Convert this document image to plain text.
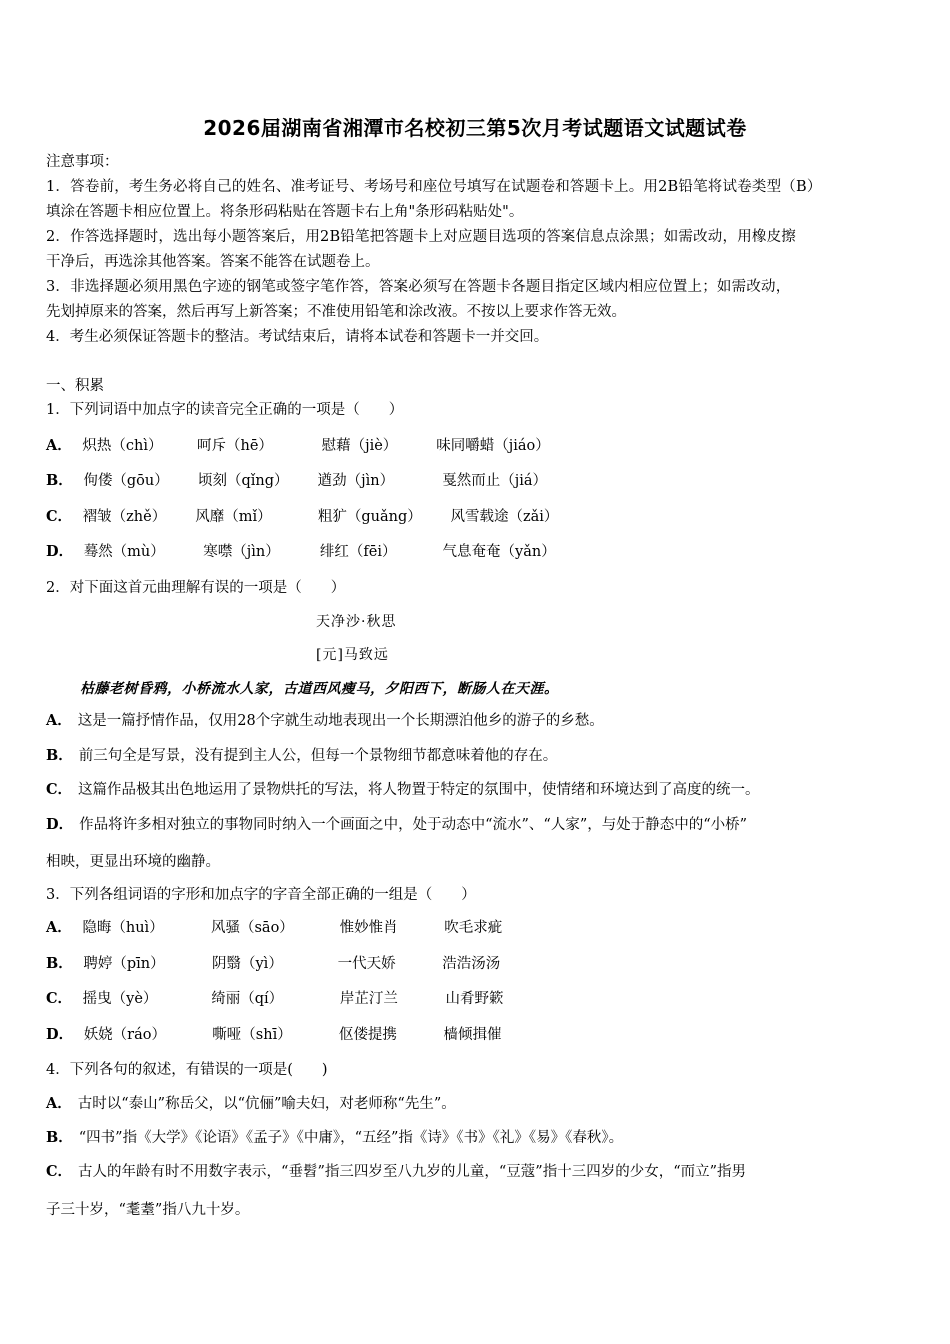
2026届湖南省湘潭市名校初三第5次月考试题语文试题试卷
注意事项：
1．答卷前，考生务必将自己的姓名、准考证号、考场号和座位号填写在试题卷和答题卡上。用2B铅笔将试卷类型（B）
填涂在答题卡相应位置上。将条形码粘贴在答题卡右上角"条形码粘贴处"。
2．作答选择题时，选出每小题答案后，用2B铅笔把答题卡上对应题目选项的答案信息点涂黑；如需改动，用橡皮擦
干净后，再选涂其他答案。答案不能答在试题卷上。
3．非选择题必须用黑色字迹的钢笔或签字笔作答，答案必须写在答题卡各题目指定区域内相应位置上；如需改动，
先划掉原来的答案，然后再写上新答案；不准使用铅笔和涂改液。不按以上要求作答无效。
4．考生必须保证答题卡的整洁。考试结束后，请将本试卷和答题卡一并交回。
一、积累
1．下列词语中加点字的读音完全正确的一项是（　　）
A． 炽热（chì） 呵斥（hē）	慰藉（jiè）	味同嚼蜡（jiáo）
B． 佝偻（gōu） 顷刻（qǐng） 遒劲（jìn）	戛然而止（jiá）
C． 褶皱（zhě） 风靡（mǐ）	粗犷（guǎng） 风雪载途（zǎi）
D． 蓦然（mù）	寒噤（jìn）	绯红（fēi）	气息奄奄（yǎn）
2．对下面这首元曲理解有误的一项是（　　）
天净沙·秋思
[元]马致远
枯藤老树昏鸦，小桥流水人家，古道西风瘦马，夕阳西下，断肠人在天涯。
A． 这是一篇抒情作品，仅用28个字就生动地表现出一个长期漂泊他乡的游子的乡愁。
B． 前三句全是写景，没有提到主人公，但每一个景物细节都意味着他的存在。
C． 这篇作品极其出色地运用了景物烘托的写法，将人物置于特定的氛围中，使情绪和环境达到了高度的统一。
D． 作品将许多相对独立的事物同时纳入一个画面之中，处于动态中“流水”、“人家”，与处于静态中的“小桥”
相映，更显出环境的幽静。
3．下列各组词语的字形和加点字的字音全部正确的一组是（　　）
A． 隐晦（huì）	风骚（sāo）	惟妙惟肖	吹毛求疵
B． 聘婷（pīn）	阴翳（yì）	一代天娇	浩浩汤汤
C． 摇曳（yè）	绮丽（qí）	岸芷汀兰	山肴野簌
D． 妖娆（ráo）	嘶哑（shī）	伛偻提携	樯倾揖催
4．下列各句的叙述，有错误的一项是(　　)
A． 古时以“泰山”称岳父，以“伉俪”喻夫妇，对老师称“先生”。
B． “四书”指《大学》《论语》《孟子》《中庸》，“五经”指《诗》《书》《礼》《易》《春秋》。
C． 古人的年龄有时不用数字表示，“垂髫”指三四岁至八九岁的儿童，“豆蔻”指十三四岁的少女，“而立”指男
子三十岁，“耄耋”指八九十岁。
